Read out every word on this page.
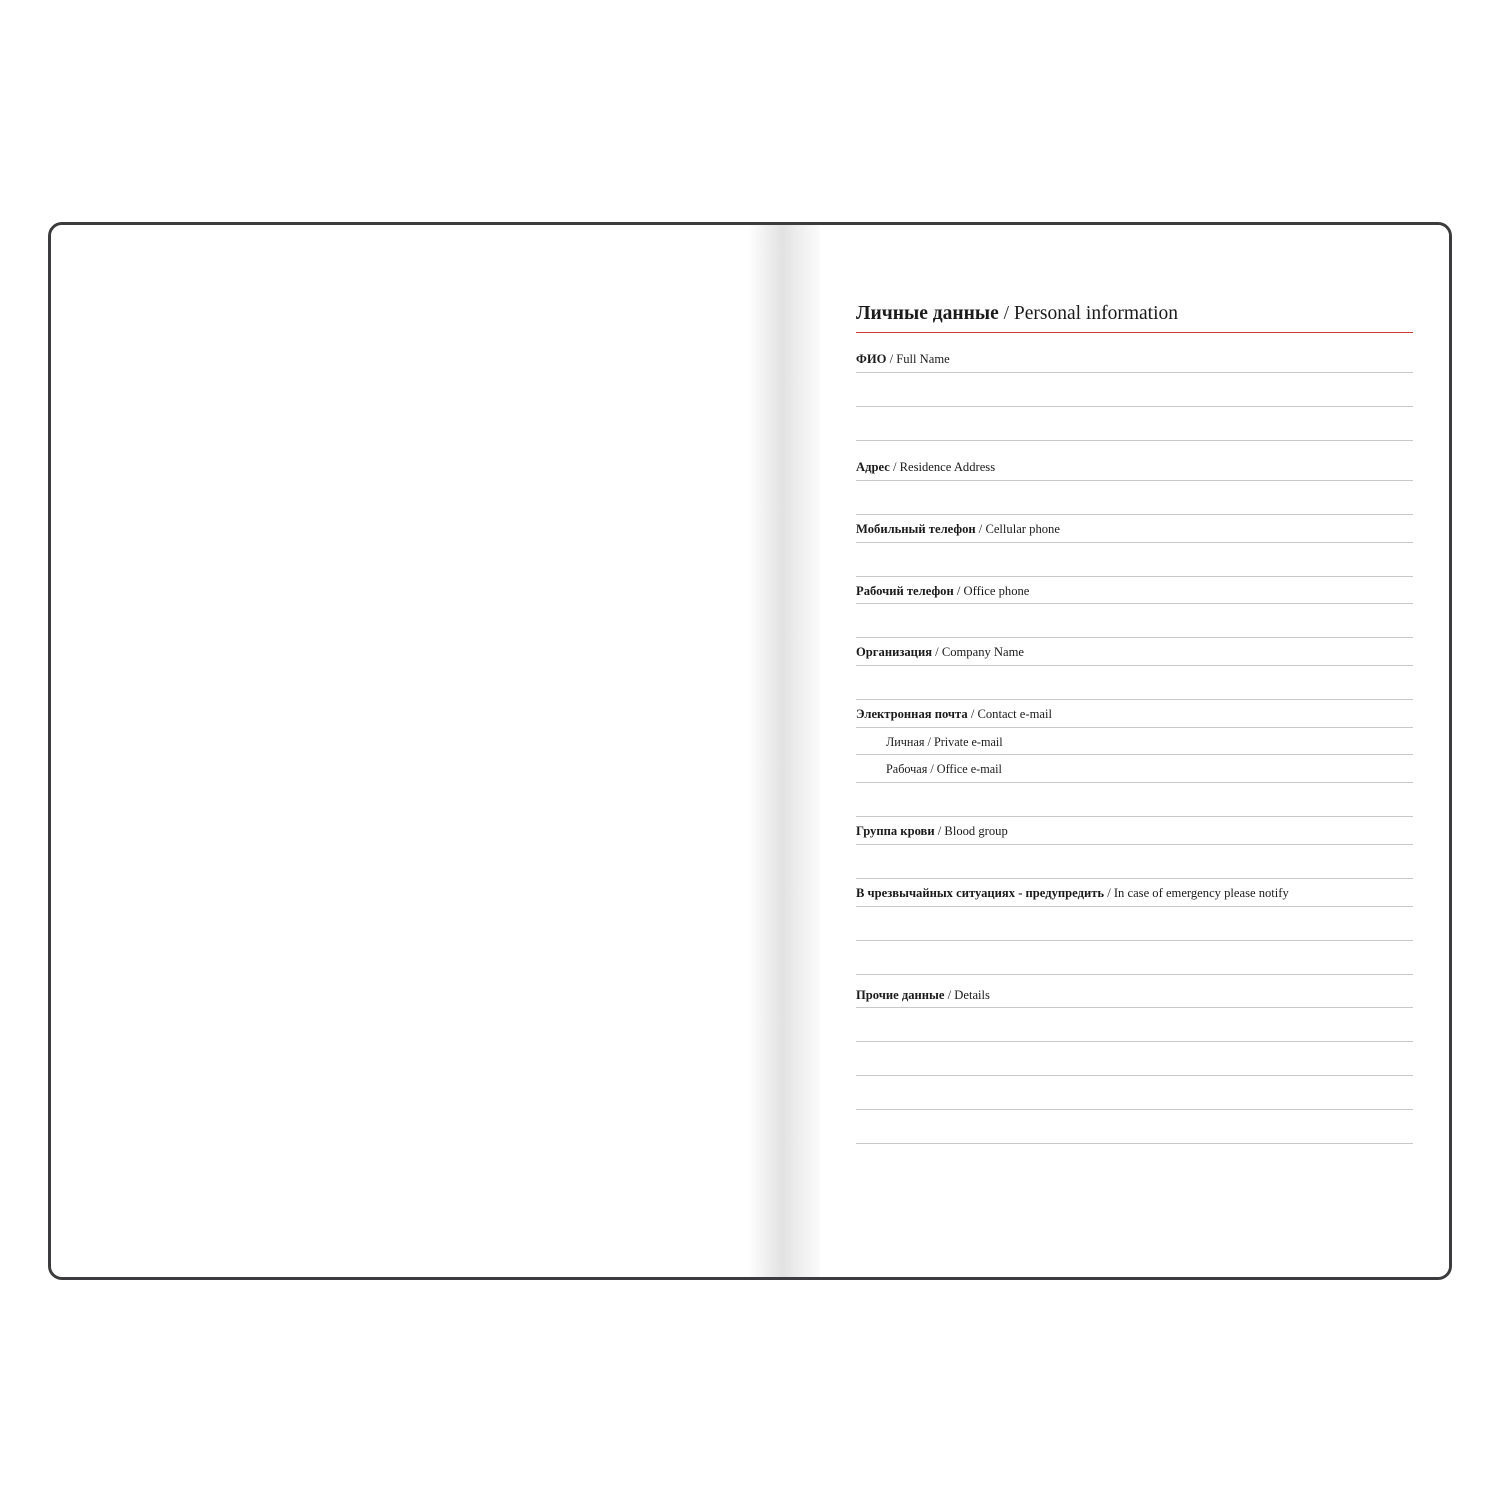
Личные данные / Personal information
ФИО / Full Name
Адрес / Residence Address
Мобильный телефон / Cellular phone
Рабочий телефон / Office phone
Организация / Company Name
Электронная почта / Contact e-mail
Личная / Private e-mail
Рабочая / Office e-mail
Группа крови / Blood group
В чрезвычайных ситуациях - предупредить / In case of emergency please notify
Прочие данные / Details
